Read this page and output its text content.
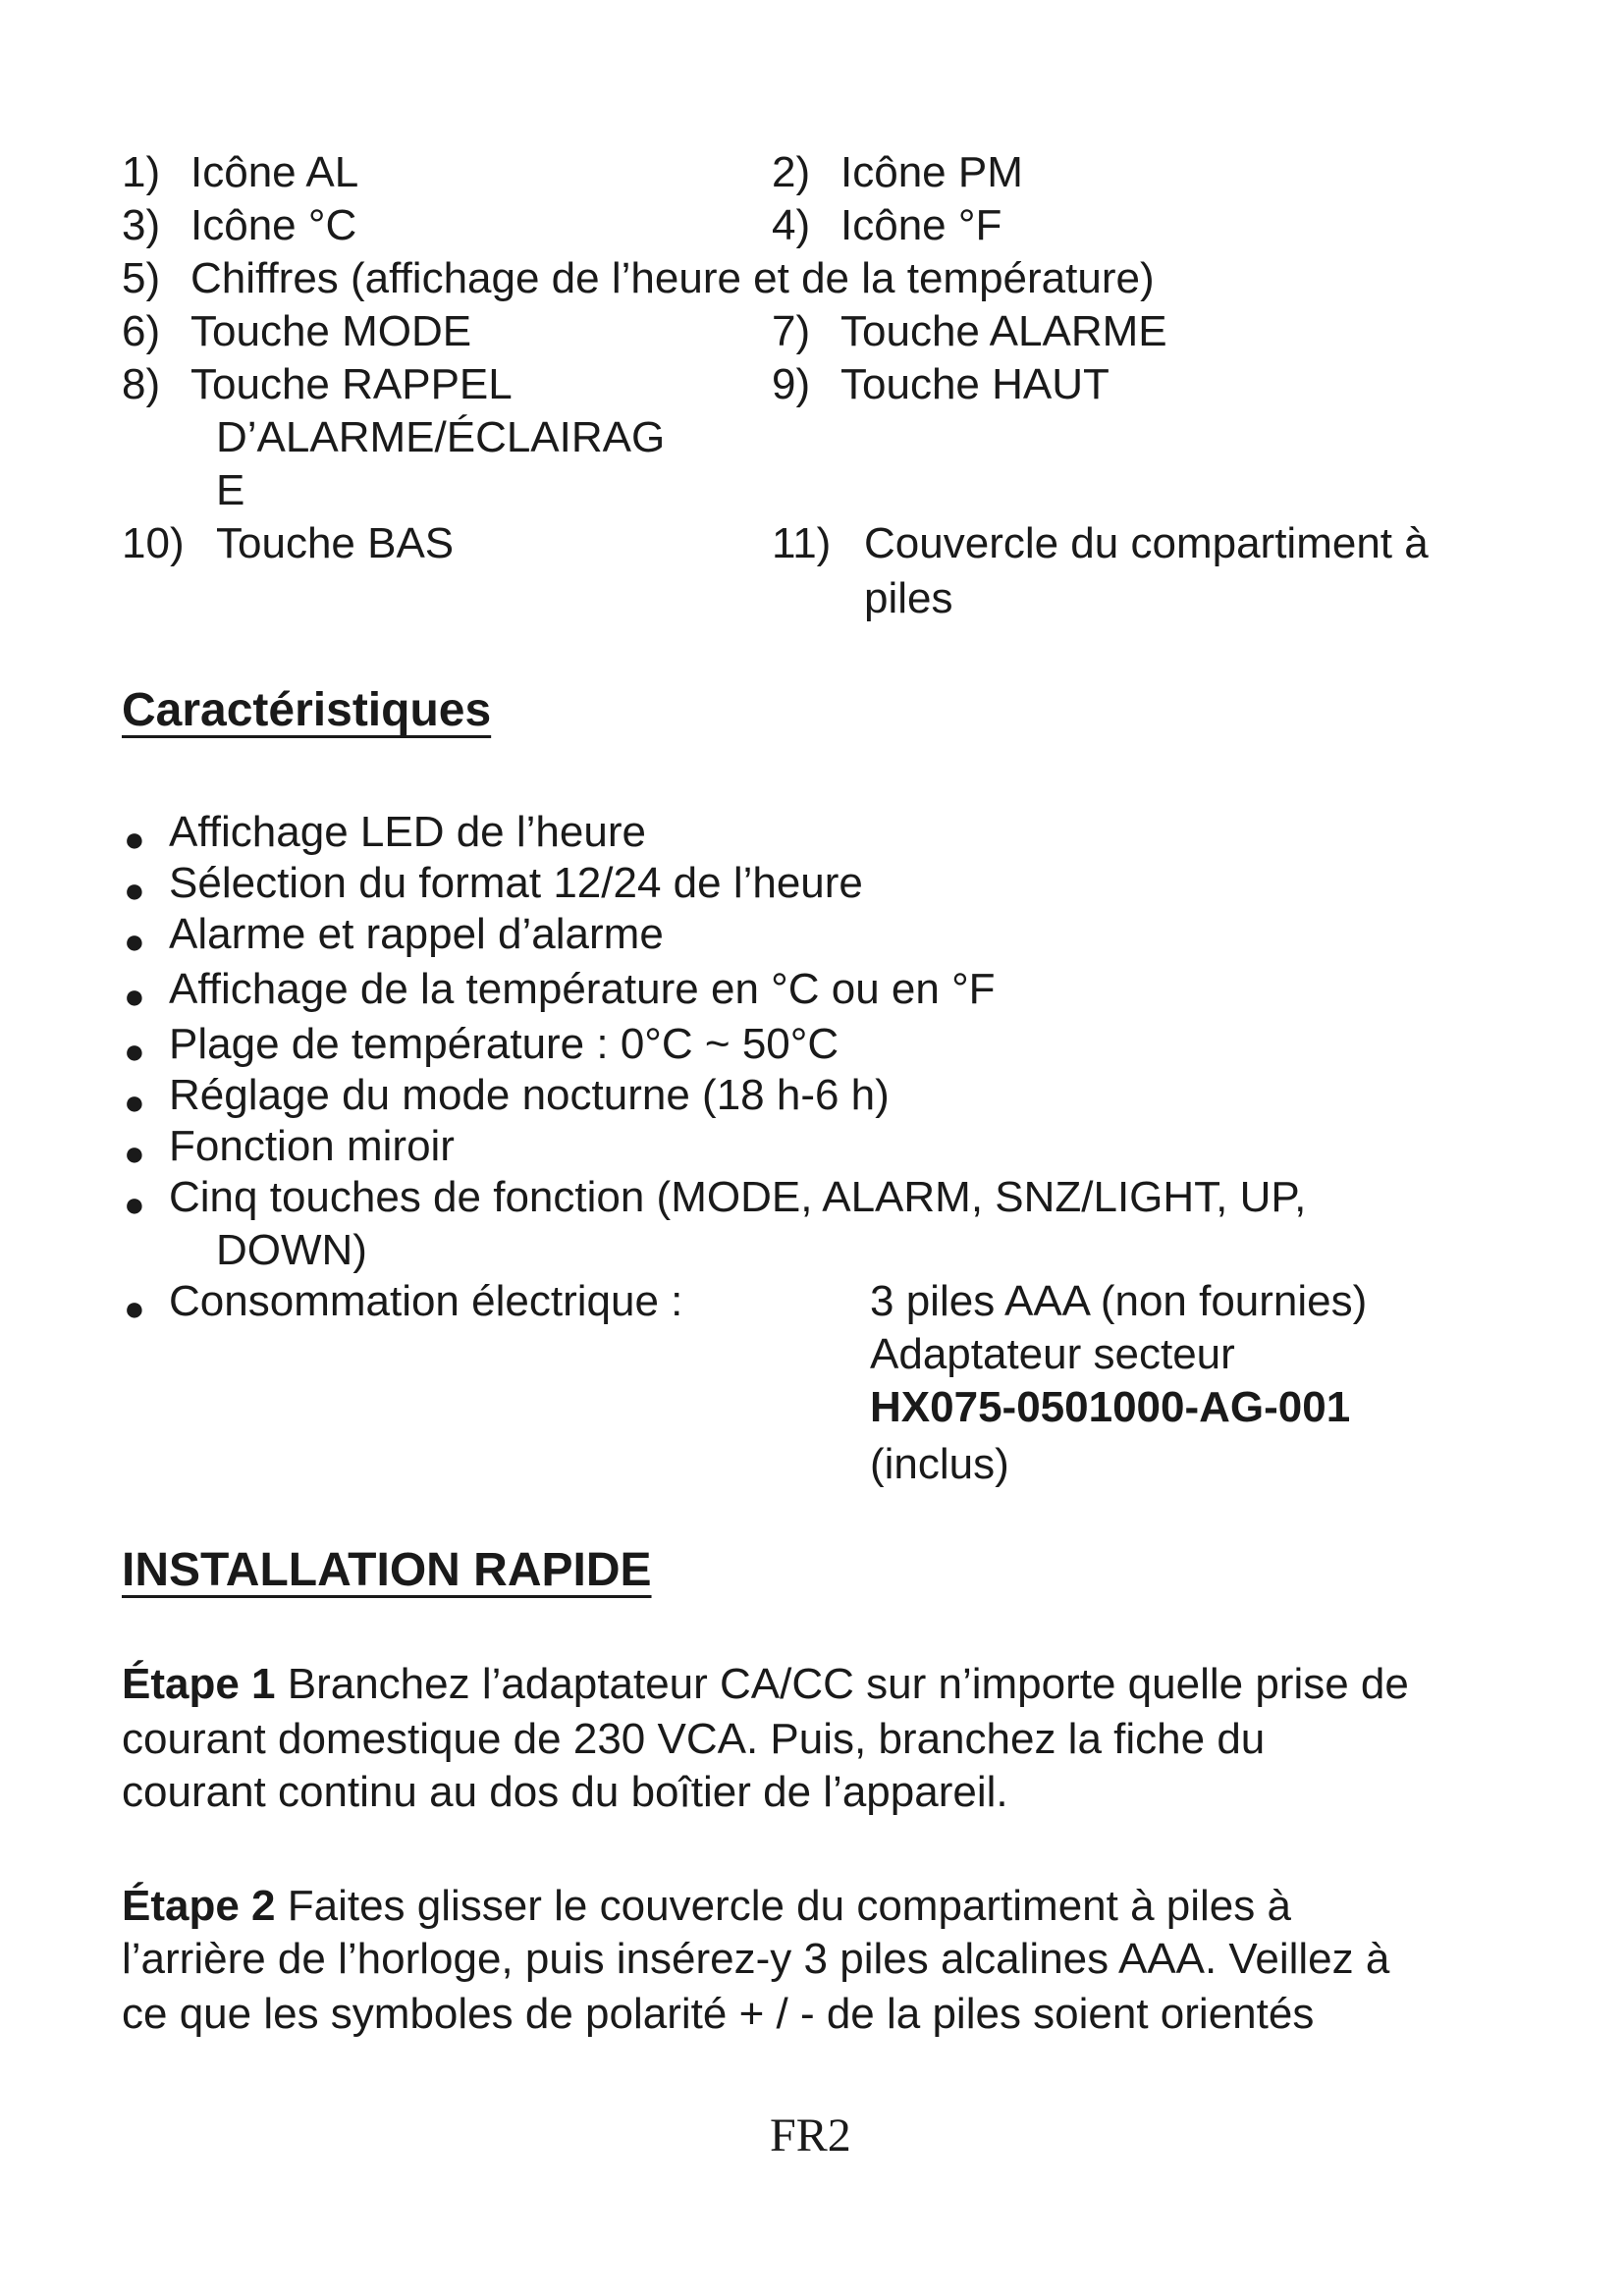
1) Icône AL	2) Icône PM
3) Icône °C	4) Icône °F
5) Chiffres (affichage de l’heure et de la température)
6) Touche MODE	7) Touche ALARME
8) Touche RAPPEL
D’ALARME/ÉCLAIRAG
E
9) Touche HAUT
10) Touche BAS	11) Couvercle du compartiment à
piles
Caractéristiques
● Affichage LED de l’heure
● Sélection du format 12/24 de l’heure
● Alarme et rappel d’alarme
● Affichage de la température en °C ou en °F
● Plage de température : 0°C ~ 50°C
● Réglage du mode nocturne (18 h-6 h)
● Fonction miroir
● Cinq touches de fonction (MODE, ALARM, SNZ/LIGHT, UP,
DOWN)
● Consommation électrique :	3 piles AAA (non fournies)
Adaptateur secteur
HX075-0501000-AG-001
(inclus)
INSTALLATION RAPIDE
Étape 1 Branchez l’adaptateur CA/CC sur n’importe quelle prise de
courant domestique de 230 VCA. Puis, branchez la fiche du
courant continu au dos du boîtier de l’appareil.
Étape 2 Faites glisser le couvercle du compartiment à piles à
l’arrière de l’horloge, puis insérez-y 3 piles alcalines AAA. Veillez à
ce que les symboles de polarité + / - de la piles soient orientés
FR2
